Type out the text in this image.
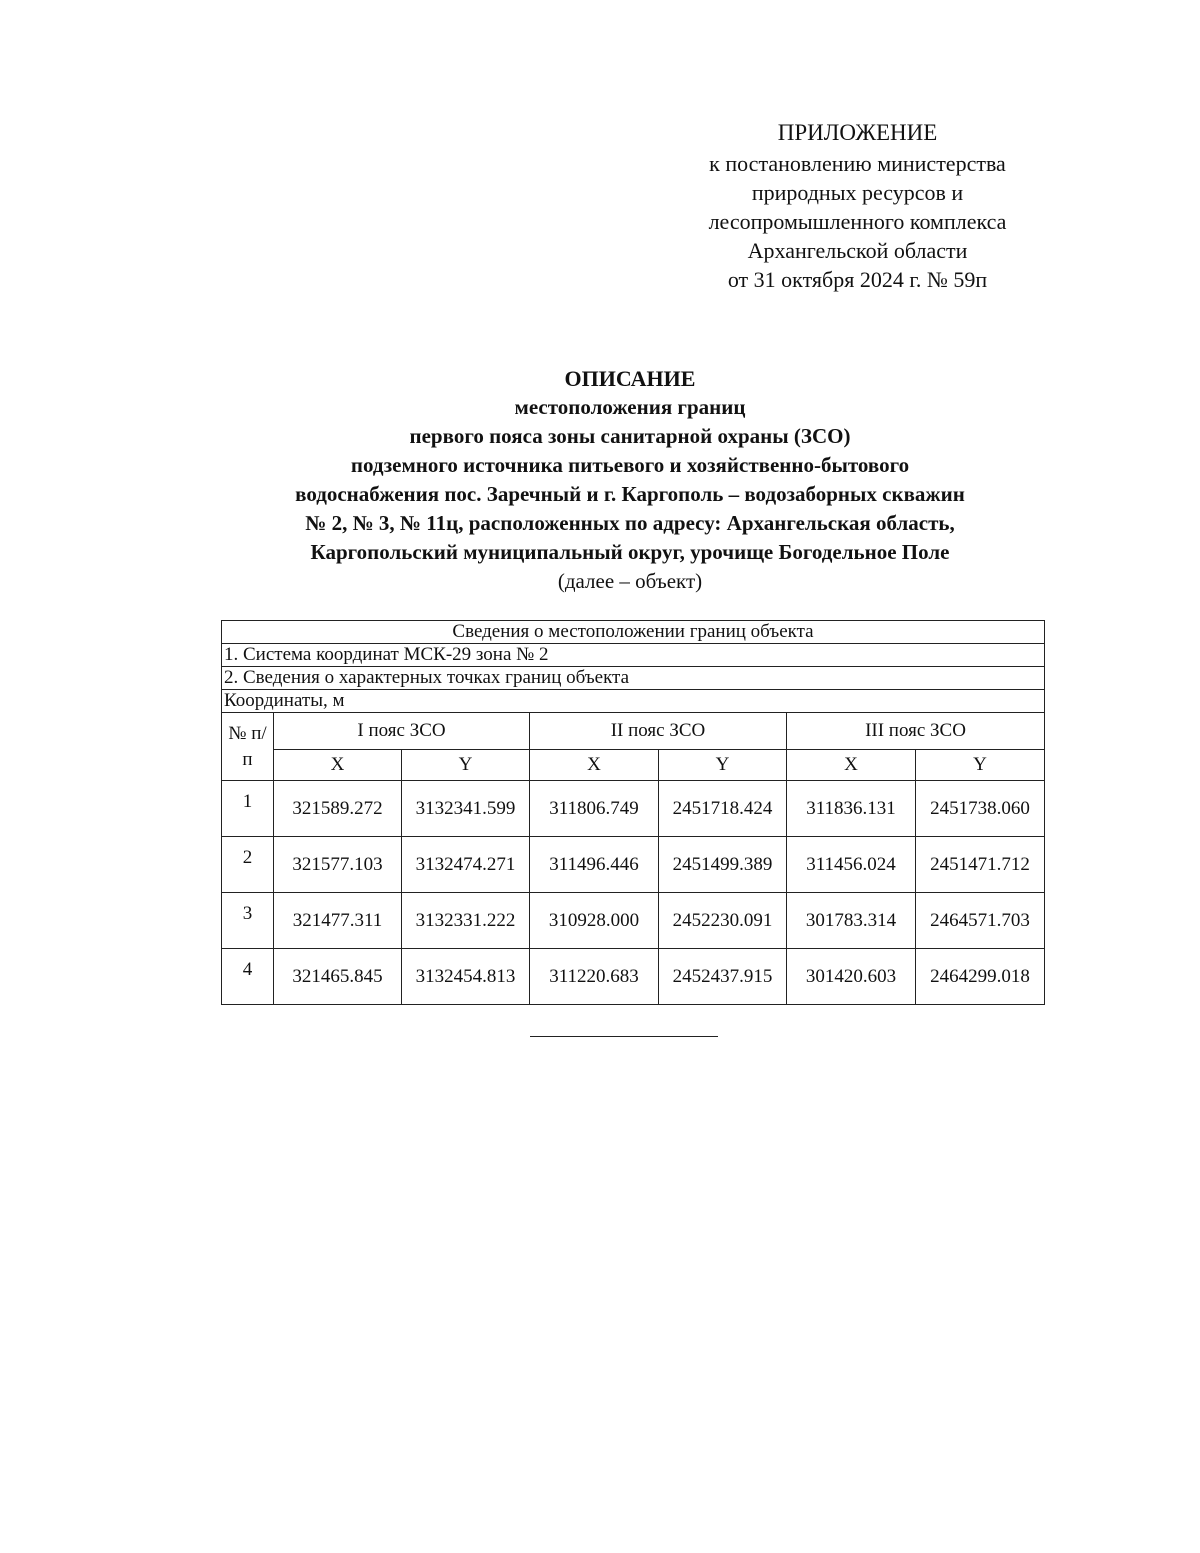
ПРИЛОЖЕНИЕ
к постановлению министерства
природных ресурсов и
лесопромышленного комплекса
Архангельской области
от 31 октября 2024 г. № 59п
ОПИСАНИЕ
местоположения границ
первого пояса зоны санитарной охраны (ЗСО)
подземного источника питьевого и хозяйственно-бытового
водоснабжения пос. Заречный и г. Каргополь – водозаборных скважин
№ 2, № 3, № 11ц, расположенных по адресу: Архангельская область,
Каргопольский муниципальный округ, урочище Богодельное Поле
(далее – объект)
Сведения о местоположении границ объекта						
1. Система координат МСК-29 зона № 2						
2. Сведения о характерных точках границ объекта						
Координаты, м						
№ п/п	I пояс ЗСО		II пояс ЗСО		III пояс ЗСО	
	X	Y	X	Y	X	Y
1	321589.272	3132341.599	311806.749	2451718.424	311836.131	2451738.060
2	321577.103	3132474.271	311496.446	2451499.389	311456.024	2451471.712
3	321477.311	3132331.222	310928.000	2452230.091	301783.314	2464571.703
4	321465.845	3132454.813	311220.683	2452437.915	301420.603	2464299.018
